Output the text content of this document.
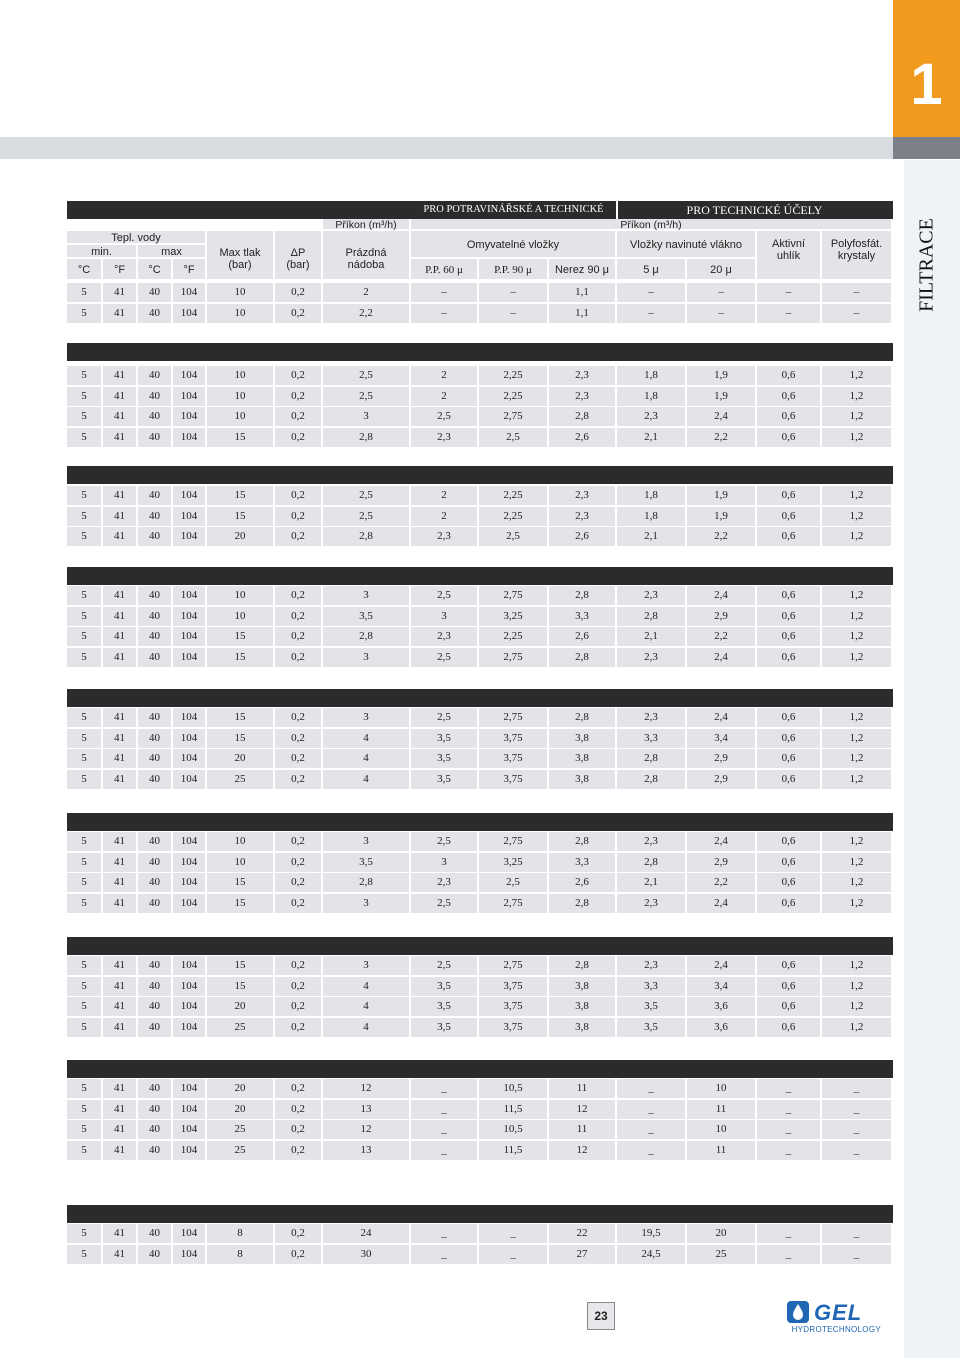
1
FILTRACE
PRO POTRAVINÁŘSKÉ A TECHNICKÉ	PRO TECHNICKÉ ÚČELY
Příkon (m³/h)	Příkon (m³/h)
Tepl. vody
min.	max
°C	°F	°C	°F
Max tlak
(bar)
ΔP
(bar)
Prázdná
nádoba
Omyvatelné vložky	Vložky navinuté vlákno	Aktivní
uhlík
Polyfosfát.
krystaly
P.P. 60 μ	P.P. 90 μ	Nerez 90 μ	5 μ	20 μ
5	41	40	104	10	0,2	2	–	–	1,1	–	–	–	–
5	41	40	104	10	0,2	2,2	–	–	1,1	–	–	–	–
5	41	40	104	10	0,2	2,5	2	2,25	2,3	1,8	1,9	0,6	1,2
5	41	40	104	10	0,2	2,5	2	2,25	2,3	1,8	1,9	0,6	1,2
5	41	40	104	10	0,2	3	2,5	2,75	2,8	2,3	2,4	0,6	1,2
5	41	40	104	15	0,2	2,8	2,3	2,5	2,6	2,1	2,2	0,6	1,2
5	41	40	104	15	0,2	2,5	2	2,25	2,3	1,8	1,9	0,6	1,2
5	41	40	104	15	0,2	2,5	2	2,25	2,3	1,8	1,9	0,6	1,2
5	41	40	104	20	0,2	2,8	2,3	2,5	2,6	2,1	2,2	0,6	1,2
5	41	40	104	10	0,2	3	2,5	2,75	2,8	2,3	2,4	0,6	1,2
5	41	40	104	10	0,2	3,5	3	3,25	3,3	2,8	2,9	0,6	1,2
5	41	40	104	15	0,2	2,8	2,3	2,25	2,6	2,1	2,2	0,6	1,2
5	41	40	104	15	0,2	3	2,5	2,75	2,8	2,3	2,4	0,6	1,2
5	41	40	104	15	0,2	3	2,5	2,75	2,8	2,3	2,4	0,6	1,2
5	41	40	104	15	0,2	4	3,5	3,75	3,8	3,3	3,4	0,6	1,2
5	41	40	104	20	0,2	4	3,5	3,75	3,8	2,8	2,9	0,6	1,2
5	41	40	104	25	0,2	4	3,5	3,75	3,8	2,8	2,9	0,6	1,2
5	41	40	104	10	0,2	3	2,5	2,75	2,8	2,3	2,4	0,6	1,2
5	41	40	104	10	0,2	3,5	3	3,25	3,3	2,8	2,9	0,6	1,2
5	41	40	104	15	0,2	2,8	2,3	2,5	2,6	2,1	2,2	0,6	1,2
5	41	40	104	15	0,2	3	2,5	2,75	2,8	2,3	2,4	0,6	1,2
5	41	40	104	15	0,2	3	2,5	2,75	2,8	2,3	2,4	0,6	1,2
5	41	40	104	15	0,2	4	3,5	3,75	3,8	3,3	3,4	0,6	1,2
5	41	40	104	20	0,2	4	3,5	3,75	3,8	3,5	3,6	0,6	1,2
5	41	40	104	25	0,2	4	3,5	3,75	3,8	3,5	3,6	0,6	1,2
5	41	40	104	20	0,2	12	_	10,5	11	_	10	_	_
5	41	40	104	20	0,2	13	_	11,5	12	_	11	_	_
5	41	40	104	25	0,2	12	_	10,5	11	_	10	_	_
5	41	40	104	25	0,2	13	_	11,5	12	_	11	_	_
5	41	40	104	8	0,2	24	_	_	22	19,5	20	_	_
5	41	40	104	8	0,2	30	_	_	27	24,5	25	_	_
23	GEL
HYDROTECHNOLOGY
